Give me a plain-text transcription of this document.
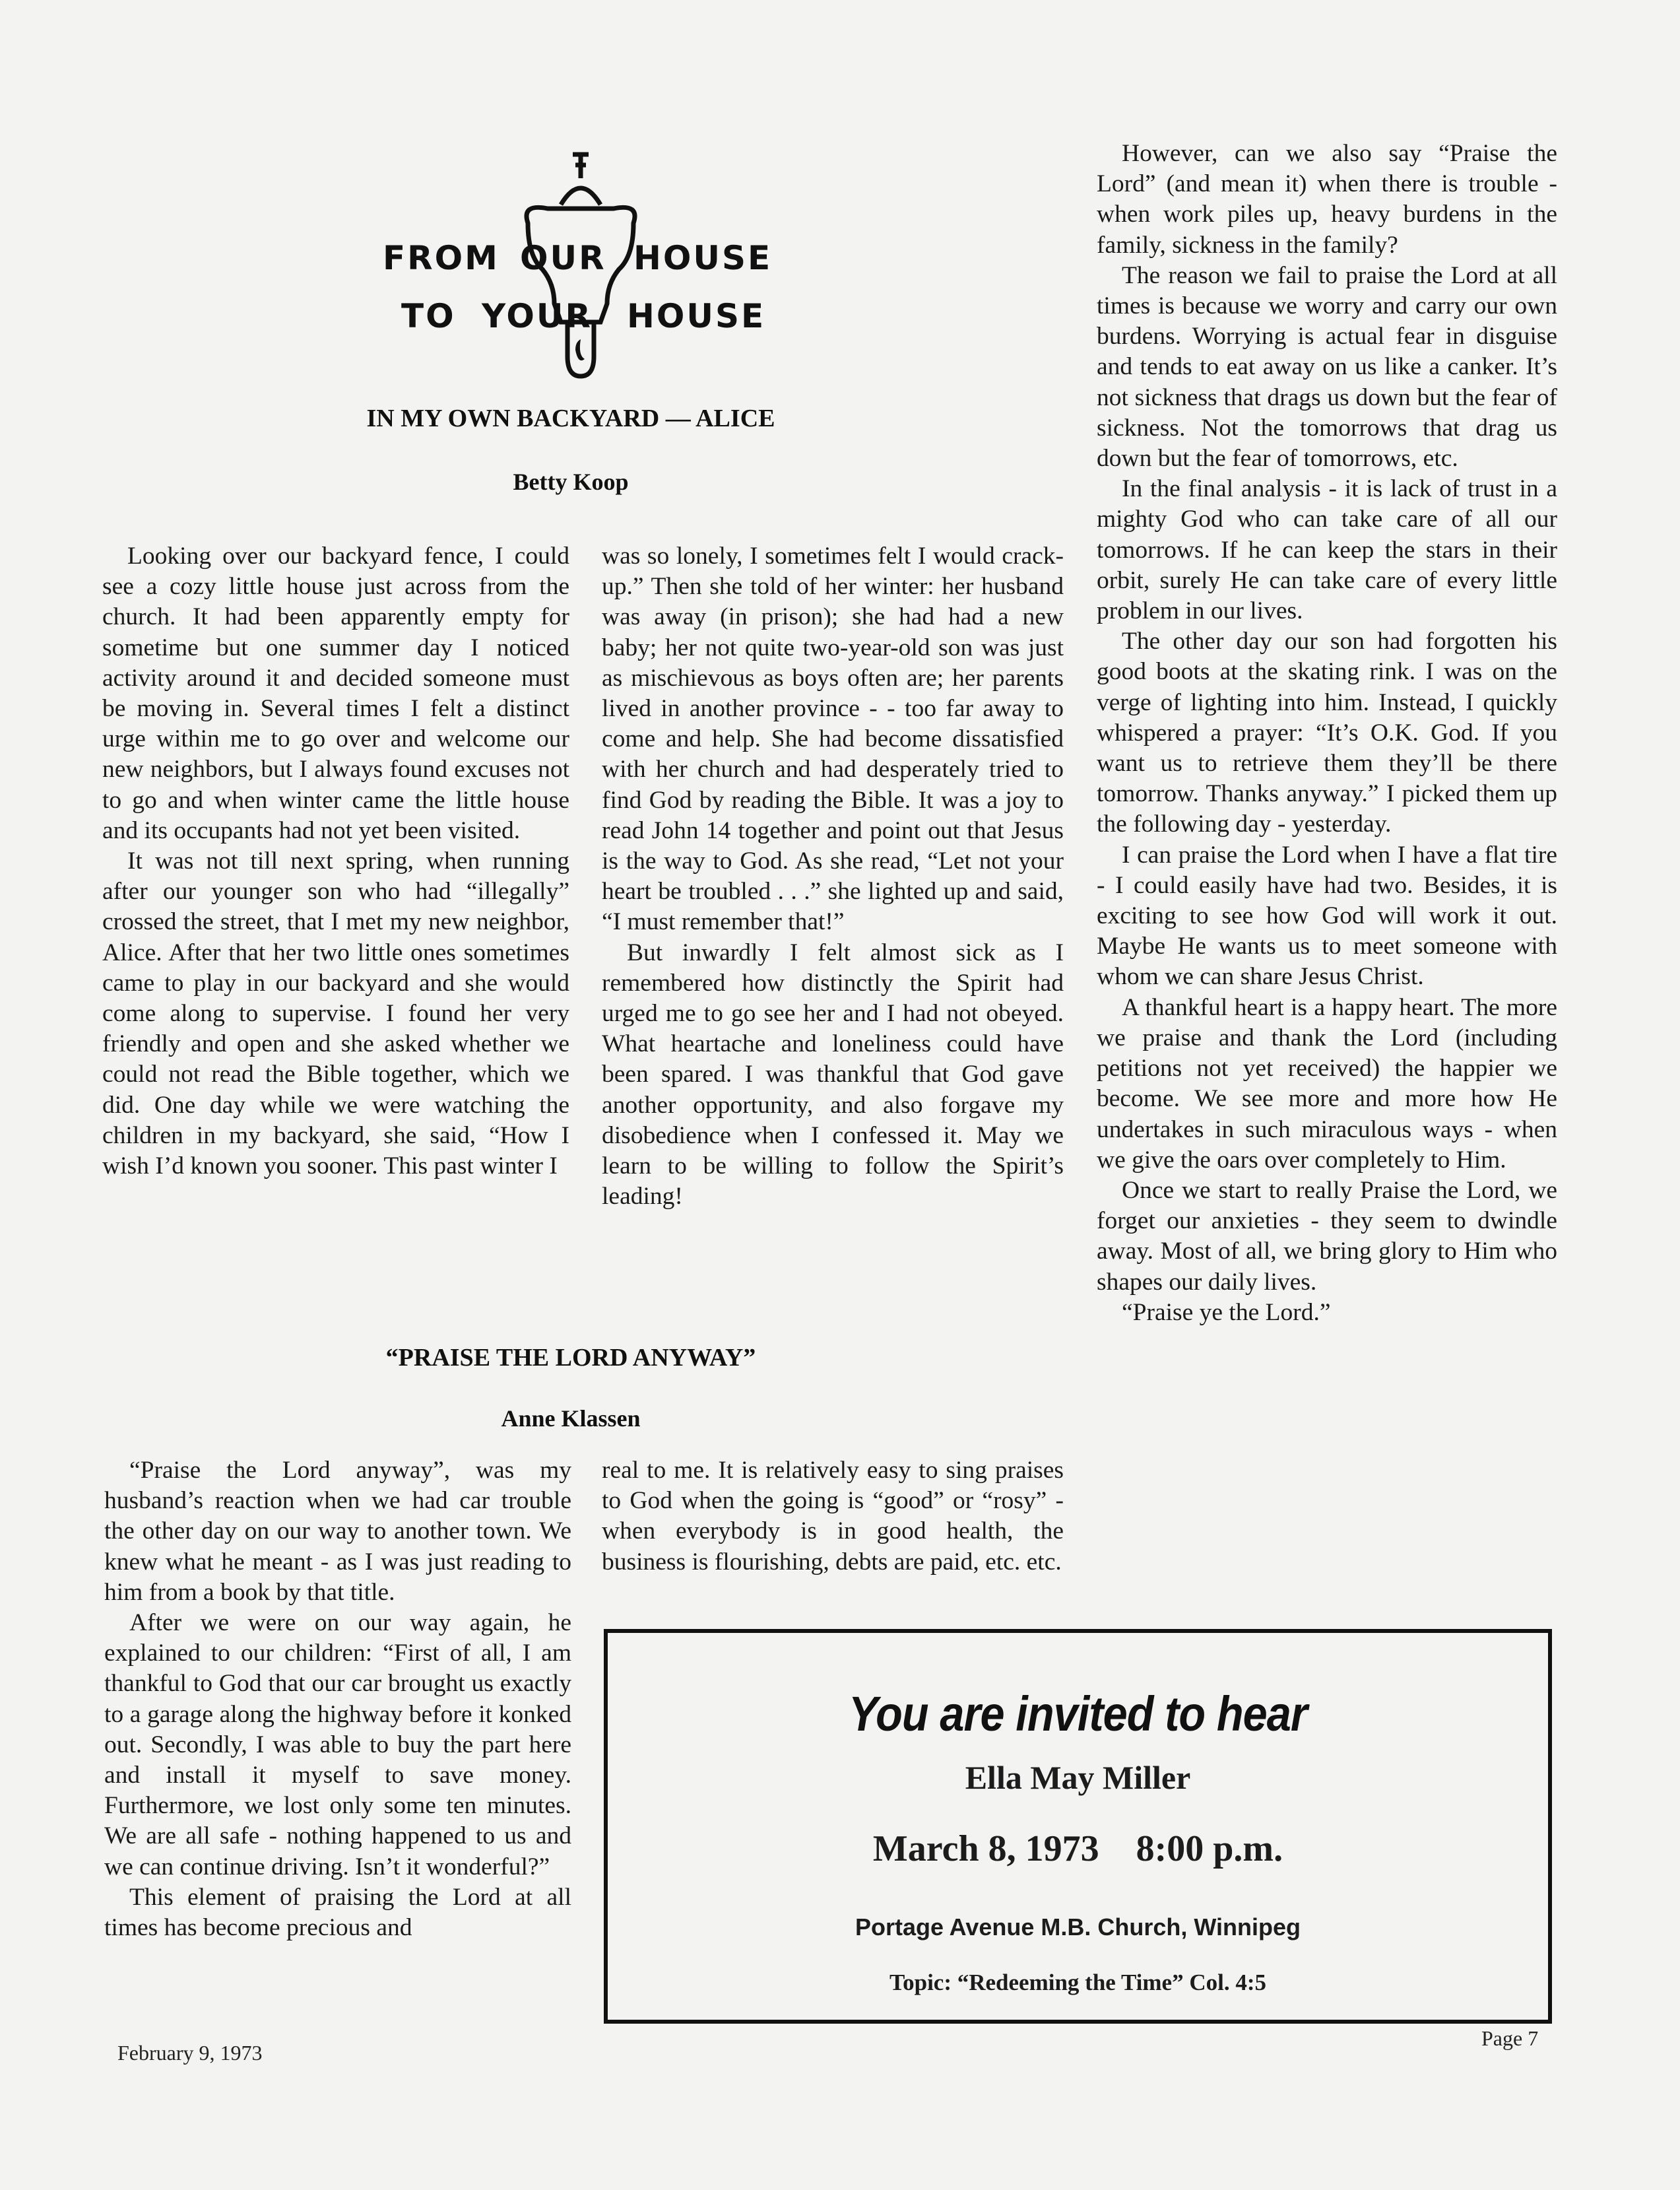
FROM OUR HOUSE
TO YOUR HOUSE
IN MY OWN BACKYARD — ALICE
Betty Koop

Looking over our backyard fence, I could see a cozy little house just across from the church. It had been apparently empty for sometime but one summer day I noticed activity around it and decided someone must be moving in. Several times I felt a distinct urge within me to go over and welcome our new neighbors, but I always found excuses not to go and when winter came the little house and its occupants had not yet been visited.

It was not till next spring, when running after our younger son who had “illegally” crossed the street, that I met my new neighbor, Alice. After that her two little ones sometimes came to play in our backyard and she would come along to supervise. I found her very friendly and open and she asked whether we could not read the Bible together, which we did. One day while we were watching the children in my backyard, she said, “How I wish I’d known you sooner. This past winter I

was so lonely, I sometimes felt I would crack-up.” Then she told of her winter: her husband was away (in prison); she had had a new baby; her not quite two-year-old son was just as mischievous as boys often are; her parents lived in another province - - too far away to come and help. She had become dissatisfied with her church and had desperately tried to find God by reading the Bible. It was a joy to read John 14 together and point out that Jesus is the way to God. As she read, “Let not your heart be troubled . . .” she lighted up and said, “I must remember that!”

But inwardly I felt almost sick as I remembered how distinctly the Spirit had urged me to go see her and I had not obeyed. What heartache and loneliness could have been spared. I was thankful that God gave another opportunity, and also forgave my disobedience when I confessed it. May we learn to be willing to follow the Spirit’s leading!

“PRAISE THE LORD ANYWAY”
Anne Klassen

“Praise the Lord anyway”, was my husband’s reaction when we had car trouble the other day on our way to another town. We knew what he meant - as I was just reading to him from a book by that title.

After we were on our way again, he explained to our children: “First of all, I am thankful to God that our car brought us exactly to a garage along the highway before it konked out. Secondly, I was able to buy the part here and install it myself to save money. Furthermore, we lost only some ten minutes. We are all safe - nothing happened to us and we can continue driving. Isn’t it wonderful?”

This element of praising the Lord at all times has become precious and

real to me. It is relatively easy to sing praises to God when the going is “good” or “rosy” - when everybody is in good health, the business is flourishing, debts are paid, etc. etc.

However, can we also say “Praise the Lord” (and mean it) when there is trouble - when work piles up, heavy burdens in the family, sickness in the family?

The reason we fail to praise the Lord at all times is because we worry and carry our own burdens. Worrying is actual fear in disguise and tends to eat away on us like a canker. It’s not sickness that drags us down but the fear of sickness. Not the tomorrows that drag us down but the fear of tomorrows, etc.

In the final analysis - it is lack of trust in a mighty God who can take care of all our tomorrows. If he can keep the stars in their orbit, surely He can take care of every little problem in our lives.

The other day our son had forgotten his good boots at the skating rink. I was on the verge of lighting into him. Instead, I quickly whispered a prayer: “It’s O.K. God. If you want us to retrieve them they’ll be there tomorrow. Thanks anyway.” I picked them up the following day - yesterday.

I can praise the Lord when I have a flat tire - I could easily have had two. Besides, it is exciting to see how God will work it out. Maybe He wants us to meet someone with whom we can share Jesus Christ.

A thankful heart is a happy heart. The more we praise and thank the Lord (including petitions not yet received) the happier we become. We see more and more how He undertakes in such miraculous ways - when we give the oars over completely to Him.

Once we start to really Praise the Lord, we forget our anxieties - they seem to dwindle away. Most of all, we bring glory to Him who shapes our daily lives.

“Praise ye the Lord.”

You are invited to hear
Ella May Miller
March 8, 1973 8:00 p.m.
Portage Avenue M.B. Church, Winnipeg
Topic: “Redeeming the Time” Col. 4:5
February 9, 1973
Page 7
